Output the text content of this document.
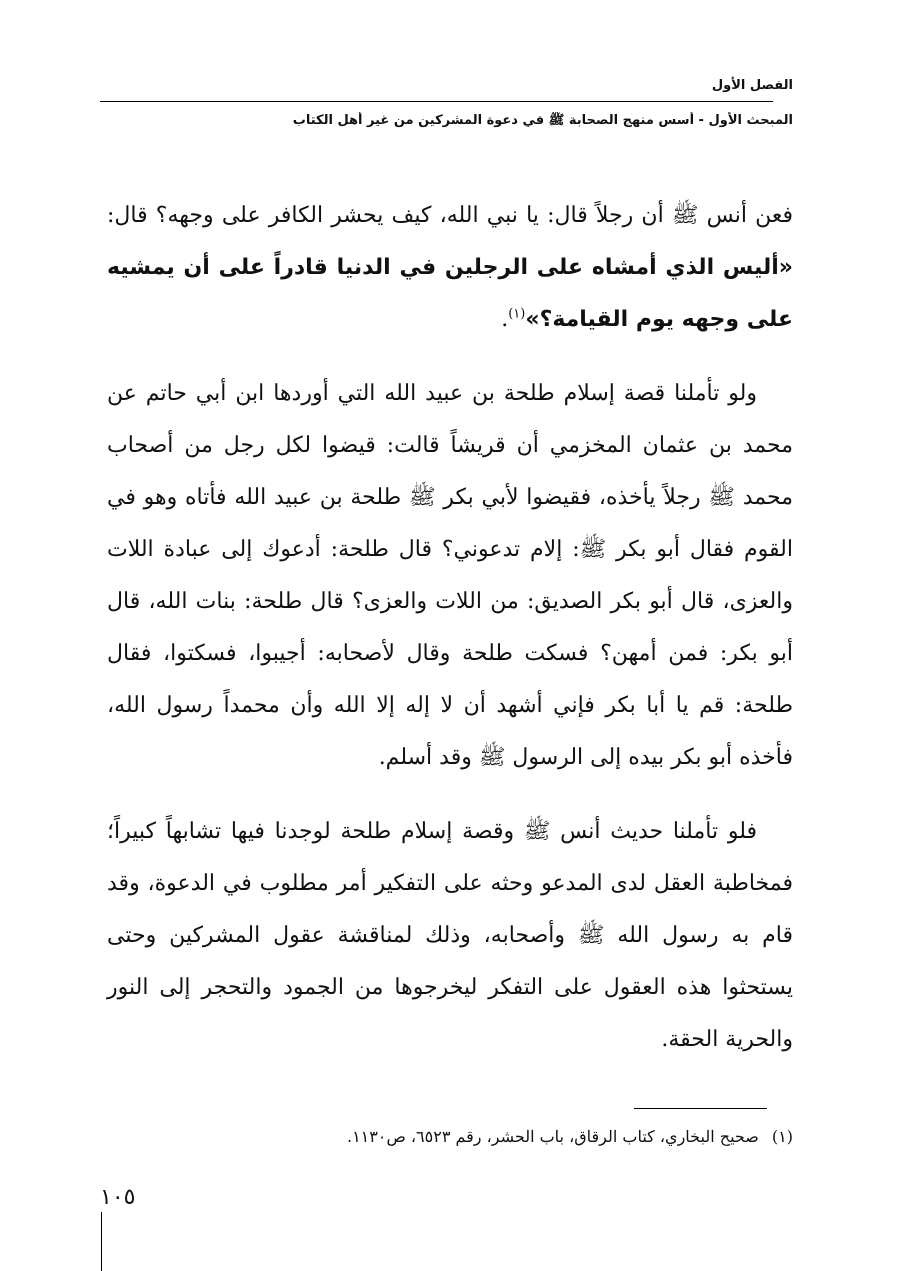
الفصل الأول
المبحث الأول - أسس منهج الصحابة ﷺ في دعوة المشركين من غير أهل الكتاب

فعن أنس ﷺ أن رجلاً قال: يا نبي الله، كيف يحشر الكافر على وجهه؟ قال: «أليس الذي أمشاه على الرجلين في الدنيا قادراً على أن يمشيه على وجهه يوم القيامة؟»$^{(١)}$.

ولو تأملنا قصة إسلام طلحة بن عبيد الله التي أوردها ابن أبي حاتم عن محمد بن عثمان المخزمي أن قريشاً قالت: قيضوا لكل رجل من أصحاب محمد ﷺ رجلاً يأخذه، فقيضوا لأبي بكر ﷺ طلحة بن عبيد الله فأتاه وهو في القوم فقال أبو بكر ﷺ: إلام تدعوني؟ قال طلحة: أدعوك إلى عبادة اللات والعزى، قال أبو بكر الصديق: من اللات والعزى؟ قال طلحة: بنات الله، قال أبو بكر: فمن أمهن؟ فسكت طلحة وقال لأصحابه: أجيبوا، فسكتوا، فقال طلحة: قم يا أبا بكر فإني أشهد أن لا إله إلا الله وأن محمداً رسول الله، فأخذه أبو بكر بيده إلى الرسول ﷺ وقد أسلم.

فلو تأملنا حديث أنس ﷺ وقصة إسلام طلحة لوجدنا فيها تشابهاً كبيراً؛ فمخاطبة العقل لدى المدعو وحثه على التفكير أمر مطلوب في الدعوة، وقد قام به رسول الله ﷺ وأصحابه، وذلك لمناقشة عقول المشركين وحتى يستحثوا هذه العقول على التفكر ليخرجوها من الجمود والتحجر إلى النور والحرية الحقة.

(١) صحيح البخاري، كتاب الرقاق، باب الحشر، رقم ٦٥٢٣، ص١١٣٠.
١٠٥
